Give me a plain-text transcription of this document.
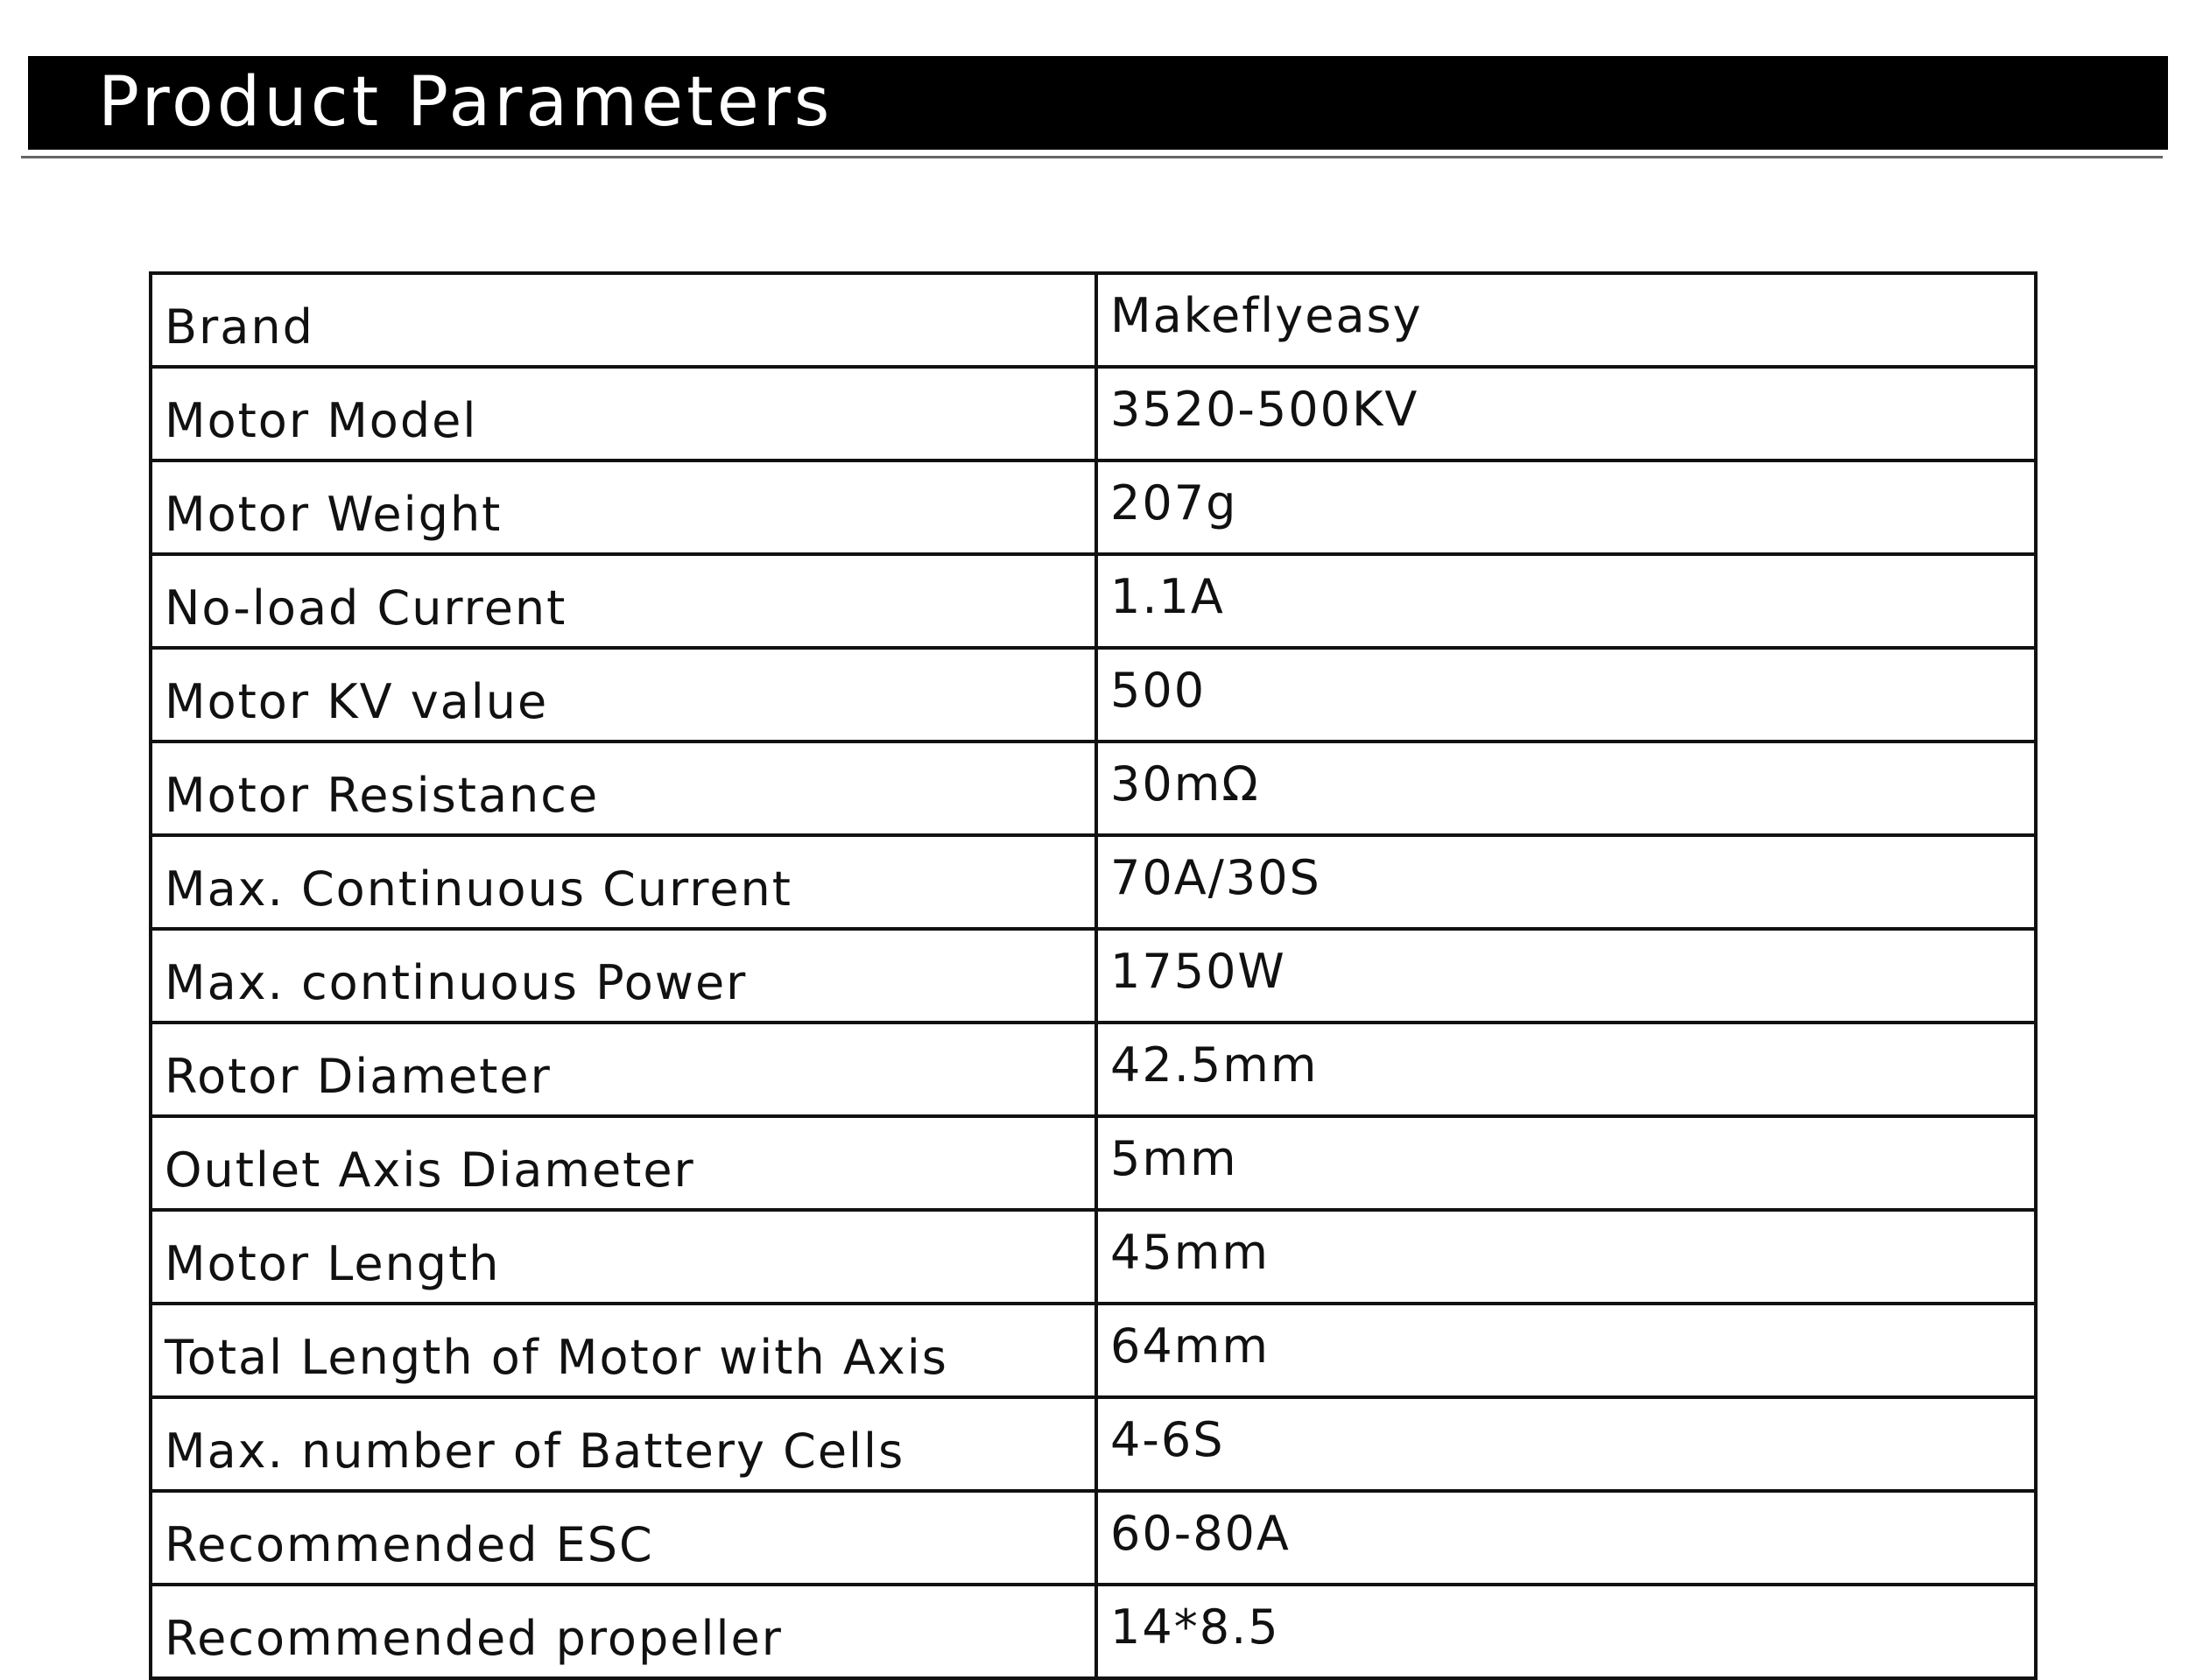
Product Parameters
Brand	Makeflyeasy
Motor Model	3520-500KV
Motor Weight	207g
No-load Current	1.1A
Motor KV value	500
Motor Resistance	30mΩ
Max. Continuous Current	70A/30S
Max. continuous Power	1750W
Rotor Diameter	42.5mm
Outlet Axis Diameter	5mm
Motor Length	45mm
Total Length of Motor with Axis	64mm
Max. number of Battery Cells	4-6S
Recommended ESC	60-80A
Recommended propeller	14*8.5
